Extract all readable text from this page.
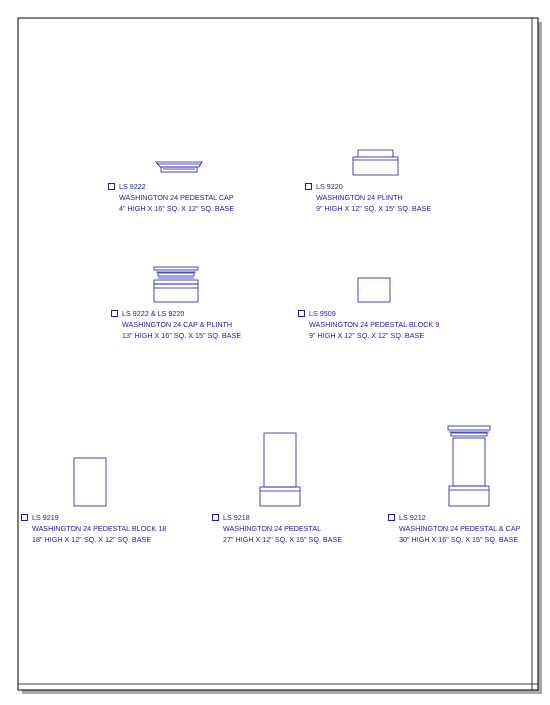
LS 9222
WASHINGTON 24 PEDESTAL CAP
4" HIGH X 16" SQ. X 12" SQ. BASE
LS 9220
WASHINGTON 24 PLINTH
9" HIGH X 12" SQ. X 15" SQ. BASE
LS 9222 & LS 9220
WASHINGTON 24 CAP & PLINTH
13" HIGH X 16" SQ. X 15" SQ. BASE
LS 9509
WASHINGTON 24 PEDESTAL BLOCK 9
9" HIGH X 12" SQ. X 12" SQ. BASE
LS 9219
WASHINGTON 24 PEDESTAL BLOCK 18
18" HIGH X 12" SQ. X 12" SQ. BASE
LS 9218
WASHINGTON 24 PEDESTAL
27" HIGH X 12" SQ. X 15" SQ. BASE
LS 9212
WASHINGTON 24 PEDESTAL & CAP
30" HIGH X 16" SQ. X 15" SQ. BASE
